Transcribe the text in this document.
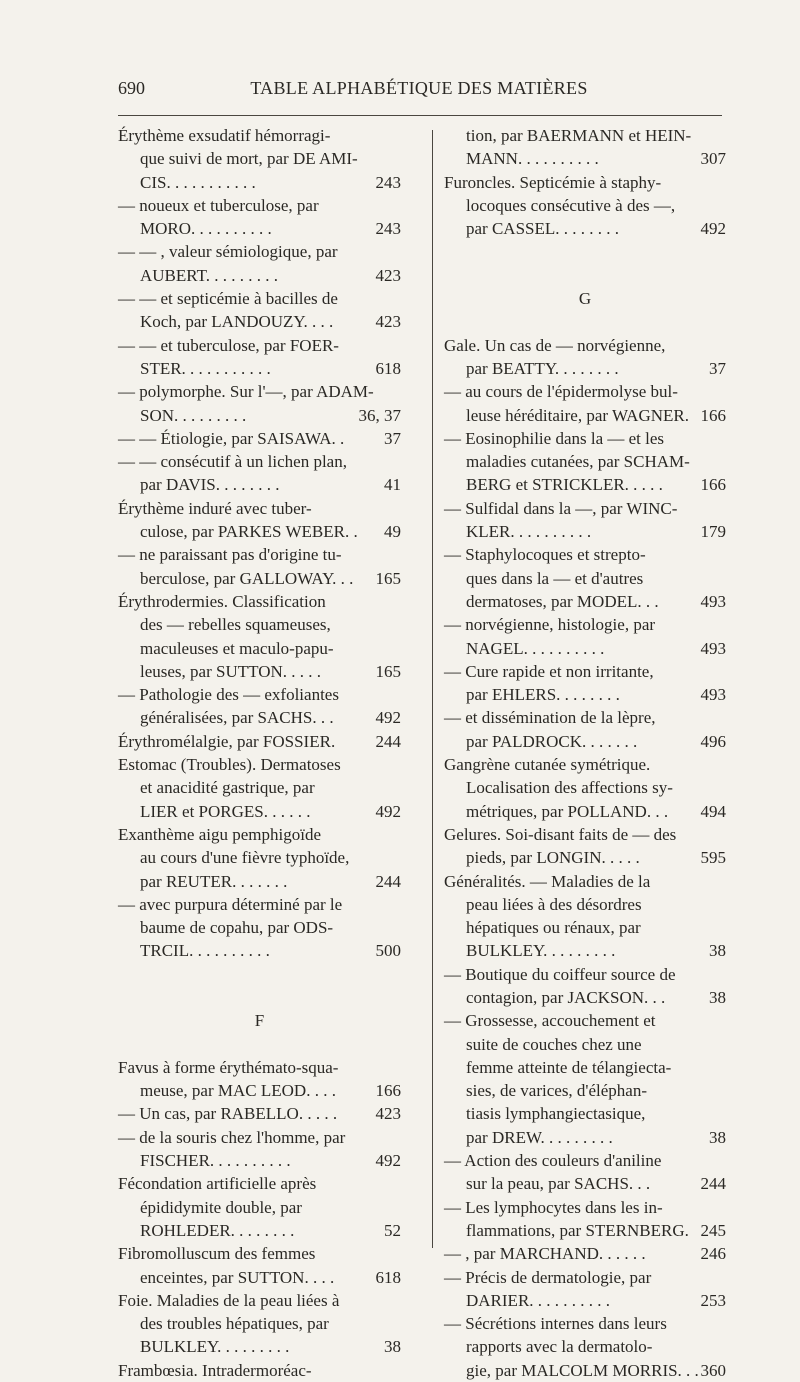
690	TABLE ALPHABÉTIQUE DES MATIÈRES
Érythème exsudatif hémorragi-
que suivi de mort, par DE AMI-
CIS. . . . . . . . . . .	243
— noueux et tuberculose, par
MORO. . . . . . . . . .	243
— — , valeur sémiologique, par
AUBERT. . . . . . . . .	423
— — et septicémie à bacilles de
Koch, par LANDOUZY. . . . 423
— — et tuberculose, par FOER-
STER. . . . . . . . . . .	618
— polymorphe. Sur l'—, par ADAM-
SON. . . . . . . . .	36, 37
— — Étiologie, par SAISAWA. . 37
— — consécutif à un lichen plan,
par DAVIS. . . . . . . .	41
Érythème induré avec tuber-
culose, par PARKES WEBER. . 49
— ne paraissant pas d'origine tu-
berculose, par GALLOWAY. . . 165
Érythrodermies. Classification
des — rebelles squameuses,
maculeuses et maculo-papu-
leuses, par SUTTON. . . . .	165
— Pathologie des — exfoliantes
généralisées, par SACHS. . . 492
Érythromélalgie, par FOSSIER. 244
Estomac (Troubles). Dermatoses
et anacidité gastrique, par
LIER et PORGES. . . . . .	492
Exanthème aigu pemphigoïde
au cours d'une fièvre typhoïde,
par REUTER. . . . . . .	244
— avec purpura déterminé par le
baume de copahu, par ODS-
TRCIL. . . . . . . . . .	500
F
Favus à forme érythémato-squa-
meuse, par MAC LEOD. . . . 166
— Un cas, par RABELLO. . . . . 423
— de la souris chez l'homme, par
FISCHER. . . . . . . . . .	492
Fécondation artificielle après
épididymite double, par
ROHLEDER. . . . . . . .	52
Fibromolluscum des femmes
enceintes, par SUTTON. . . . 618
Foie. Maladies de la peau liées à
des troubles hépatiques, par
BULKLEY. . . . . . . . .	38
Frambœsia. Intradermoréac-
tion, par BAERMANN et HEIN-
MANN. . . . . . . . . .	307
Furoncles. Septicémie à staphy-
locoques consécutive à des —,
par CASSEL. . . . . . . .	492
G
Gale. Un cas de — norvégienne,
par BEATTY. . . . . . . .	37
— au cours de l'épidermolyse bul-
leuse héréditaire, par WAGNER. 166
— Eosinophilie dans la — et les
maladies cutanées, par SCHAM-
BERG et STRICKLER. . . . . 166
— Sulfidal dans la —, par WINC-
KLER. . . . . . . . . .	179
— Staphylocoques et strepto-
ques dans la — et d'autres
dermatoses, par MODEL. . . 493
— norvégienne, histologie, par
NAGEL. . . . . . . . . .	493
— Cure rapide et non irritante,
par EHLERS. . . . . . . .	493
— et dissémination de la lèpre,
par PALDROCK. . . . . . .	496
Gangrène cutanée symétrique.
Localisation des affections sy-
métriques, par POLLAND. . . 494
Gelures. Soi-disant faits de — des
pieds, par LONGIN. . . . .	595
Généralités. — Maladies de la
peau liées à des désordres
hépatiques ou rénaux, par
BULKLEY. . . . . . . . .	38
— Boutique du coiffeur source de
contagion, par JACKSON. . .	38
— Grossesse, accouchement et
suite de couches chez une
femme atteinte de télangiecta-
sies, de varices, d'éléphan-
tiasis lymphangiectasique,
par DREW. . . . . . . . .	38
— Action des couleurs d'aniline
sur la peau, par SACHS. . .	244
— Les lymphocytes dans les in-
flammations, par STERNBERG. 245
— , par MARCHAND. . . . . .	246
— Précis de dermatologie, par
DARIER. . . . . . . . . .	253
— Sécrétions internes dans leurs
rapports avec la dermatolo-
gie, par MALCOLM MORRIS. . . 360
